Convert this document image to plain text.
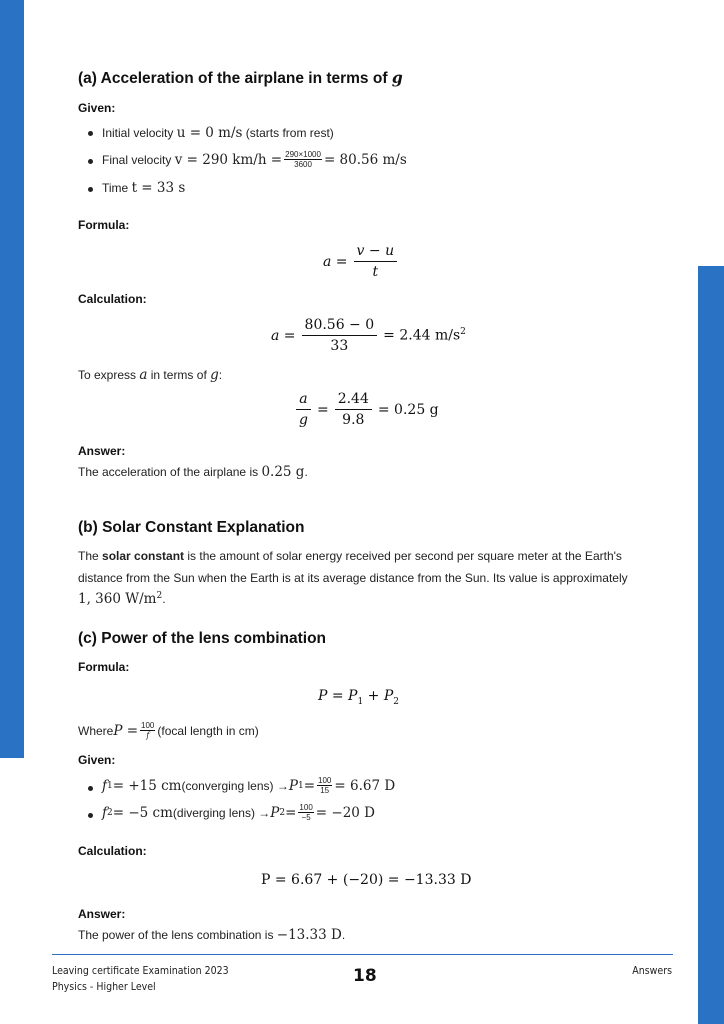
(a) Acceleration of the airplane in terms of g
Given:
Initial velocity u = 0 m/s (starts from rest)
Final velocity
v = 290 $km/h = \frac{290\times 1000}{3600} = 80.56$ m/s
Time t = 33 s
Formula:
$a = \frac{v - u}{t}$
Calculation:
$a = \frac{80.56 - 0}{33} = 2.44$ $m/s^2$
To express a in terms of g:
$\frac{a}{g} = \frac{2.44}{9.8} = 0.25$ g
Answer:
The acceleration of the airplane is 0.25 g.
(b) Solar Constant Explanation
The solar constant is the amount of solar energy received per second per square meter at the Earth's
distance from the Sun when the Earth is at its average distance from the Sun. Its value is approximately
1, 360 $W/m^2$.
(c) Power of the lens combination
Formula:
$P = P_1 + P_2$
Where $P = \frac{100}{f}$ (focal length in cm)
Given:
f 1 = +15 cm (converging lens) → P $1 = \frac{100}{15} = 6.67$ D
f 2 = −5 cm (diverging lens) → P $2 = \frac{100}{-5} = -20$ D
Calculation:
P = 6.67 + (−20) = −13.33 D
Answer:
The power of the lens combination is −13.33 D.
Leaving certificate Examination 2023
Physics - Higher Level
18	Answers
